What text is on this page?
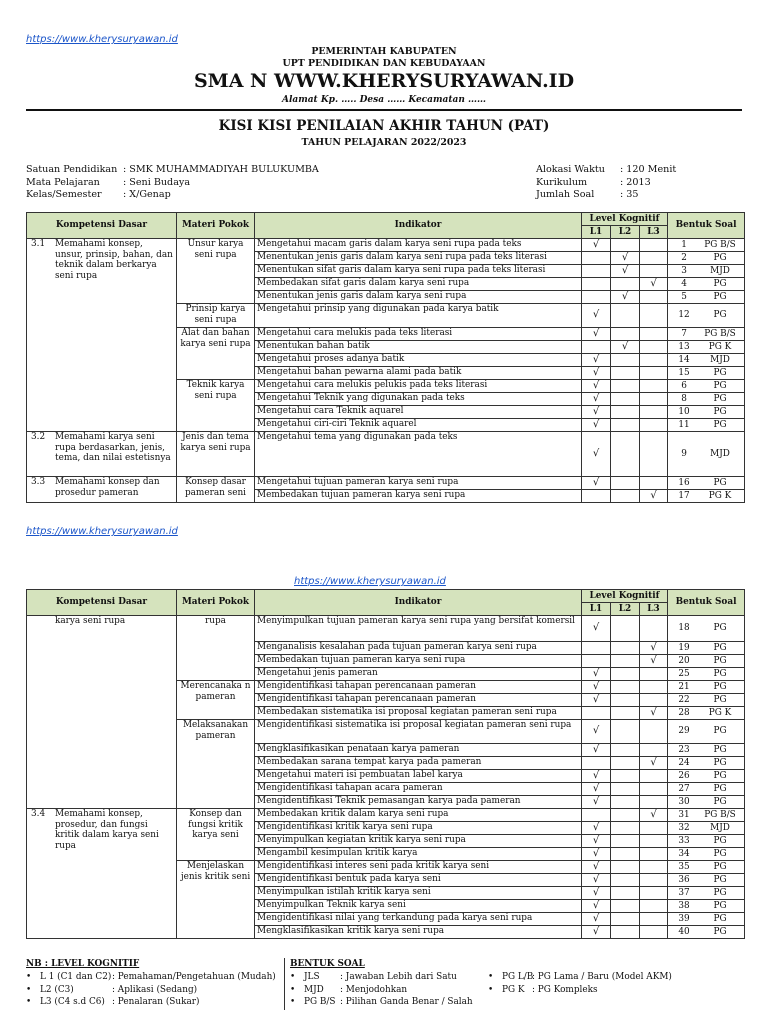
https://www.kherysuryawan.id
PEMERINTAH KABUPATEN
UPT PENDIDIKAN DAN KEBUDAYAAN
SMA N WWW.KHERYSURYAWAN.ID
Alamat Kp. ….. Desa …… Kecamatan ……
KISI KISI PENILAIAN AKHIR TAHUN (PAT)
TAHUN PELAJARAN 2022/2023
Satuan Pendidikan : SMK MUHAMMADIYAH BULUKUMBA
Mata Pelajaran	: Seni Budaya
Kelas/Semester	: X/Genap
Alokasi Waktu	: 120 Menit
Kurikulum	: 2013
Jumlah Soal	: 35
Kompetensi Dasar	Materi Pokok	Indikator	Level Kognitif			Bentuk Soal
			L1	L2	L3	
3.1 Memahami konsep, unsur, prinsip, bahan, dan teknik dalam berkarya seni rupa	Unsur karya seni rupa	Mengetahui macam garis dalam karya seni rupa pada teks	√			1 PG B/S
		Menentukan jenis garis dalam karya seni rupa pada teks literasi		√		2 PG
		Menentukan sifat garis dalam karya seni rupa pada teks literasi		√		3 MJD
		Membedakan sifat garis dalam karya seni rupa			√	4 PG
		Menentukan jenis garis dalam karya seni rupa		√		5 PG
	Prinsip karya seni rupa	Mengetahui prinsip yang digunakan pada karya batik	√			12 PG
	Alat dan bahan karya seni rupa	Mengetahui cara melukis pada teks literasi	√			7 PG B/S
		Menentukan bahan batik		√		13 PG K
		Mengetahui proses adanya batik	√			14 MJD
		Mengetahui bahan pewarna alami pada batik	√			15 PG
	Teknik karya seni rupa	Mengetahui cara melukis pelukis pada teks literasi	√			6 PG
		Mengetahui Teknik yang digunakan pada teks	√			8 PG
		Mengetahui cara Teknik aquarel	√			10 PG
		Mengetahui ciri-ciri Teknik aquarel	√			11 PG
3.2 Memahami karya seni rupa berdasarkan, jenis, tema, dan nilai estetisnya	Jenis dan tema karya seni rupa	Mengetahui tema yang digunakan pada teks	√			9 MJD
3.3 Memahami konsep dan prosedur pameran	Konsep dasar pameran seni	Mengetahui tujuan pameran karya seni rupa	√			16 PG
		Membedakan tujuan pameran karya seni rupa			√	17 PG K
https://www.kherysuryawan.id
https://www.kherysuryawan.id
Kompetensi Dasar	Materi Pokok	Indikator	Level Kognitif			Bentuk Soal
			L1	L2	L3	
karya seni rupa	rupa	Menyimpulkan tujuan pameran karya seni rupa yang bersifat komersil	√			18 PG
		Menganalisis kesalahan pada tujuan pameran karya seni rupa			√	19 PG
		Membedakan tujuan pameran karya seni rupa			√	20 PG
		Mengetahui jenis pameran	√			25 PG
	Merencanaka n pameran	Mengidentifikasi tahapan perencanaan pameran	√			21 PG
		Mengidentifikasi tahapan perencanaan pameran	√			22 PG
		Membedakan sistematika isi proposal kegiatan pameran seni rupa			√	28 PG K
	Melaksanakan pameran	Mengidentifikasi sistematika isi proposal kegiatan pameran seni rupa	√			29 PG
		Mengklasifikasikan penataan karya pameran	√			23 PG
		Membedakan sarana tempat karya pada pameran			√	24 PG
		Mengetahui materi isi pembuatan label karya	√			26 PG
		Mengidentifikasi tahapan acara pameran	√			27 PG
		Mengidentifikasi Teknik pemasangan karya pada pameran	√			30 PG
3.4 Memahami konsep, prosedur, dan fungsi kritik dalam karya seni rupa	Konsep dan fungsi kritik karya seni	Membedakan kritik dalam karya seni rupa			√	31 PG B/S
		Mengidentifikasi kritik karya seni rupa	√			32 MJD
		Menyimpulkan kegiatan kritik karya seni rupa	√			33 PG
		Mengambil kesimpulan kritik karya	√			34 PG
	Menjelaskan jenis kritik seni	Mengidentifikasi interes seni pada kritik karya seni	√			35 PG
		Mengidentifikasi bentuk pada karya seni	√			36 PG
		Menyimpulkan istilah kritik karya seni	√			37 PG
		Menyimpulkan Teknik karya seni	√			38 PG
		Mengidentifikasi nilai yang terkandung pada karya seni rupa	√			39 PG
		Mengklasifikasikan kritik karya seni rupa	√			40 PG
NB : LEVEL KOGNITIF
• L 1 (C1 dan C2) : Pemahaman/Pengetahuan (Mudah)
• L2 (C3)	: Aplikasi (Sedang)
• L3 (C4 s.d C6) : Penalaran (Sukar)
BENTUK SOAL
• JLS	: Jawaban Lebih dari Satu
• MJD	: Menjodohkan
• PG B/S : Pilihan Ganda Benar / Salah
• PG L/B
: PG Lama / Baru (Model AKM)
• PG K : PG Kompleks
